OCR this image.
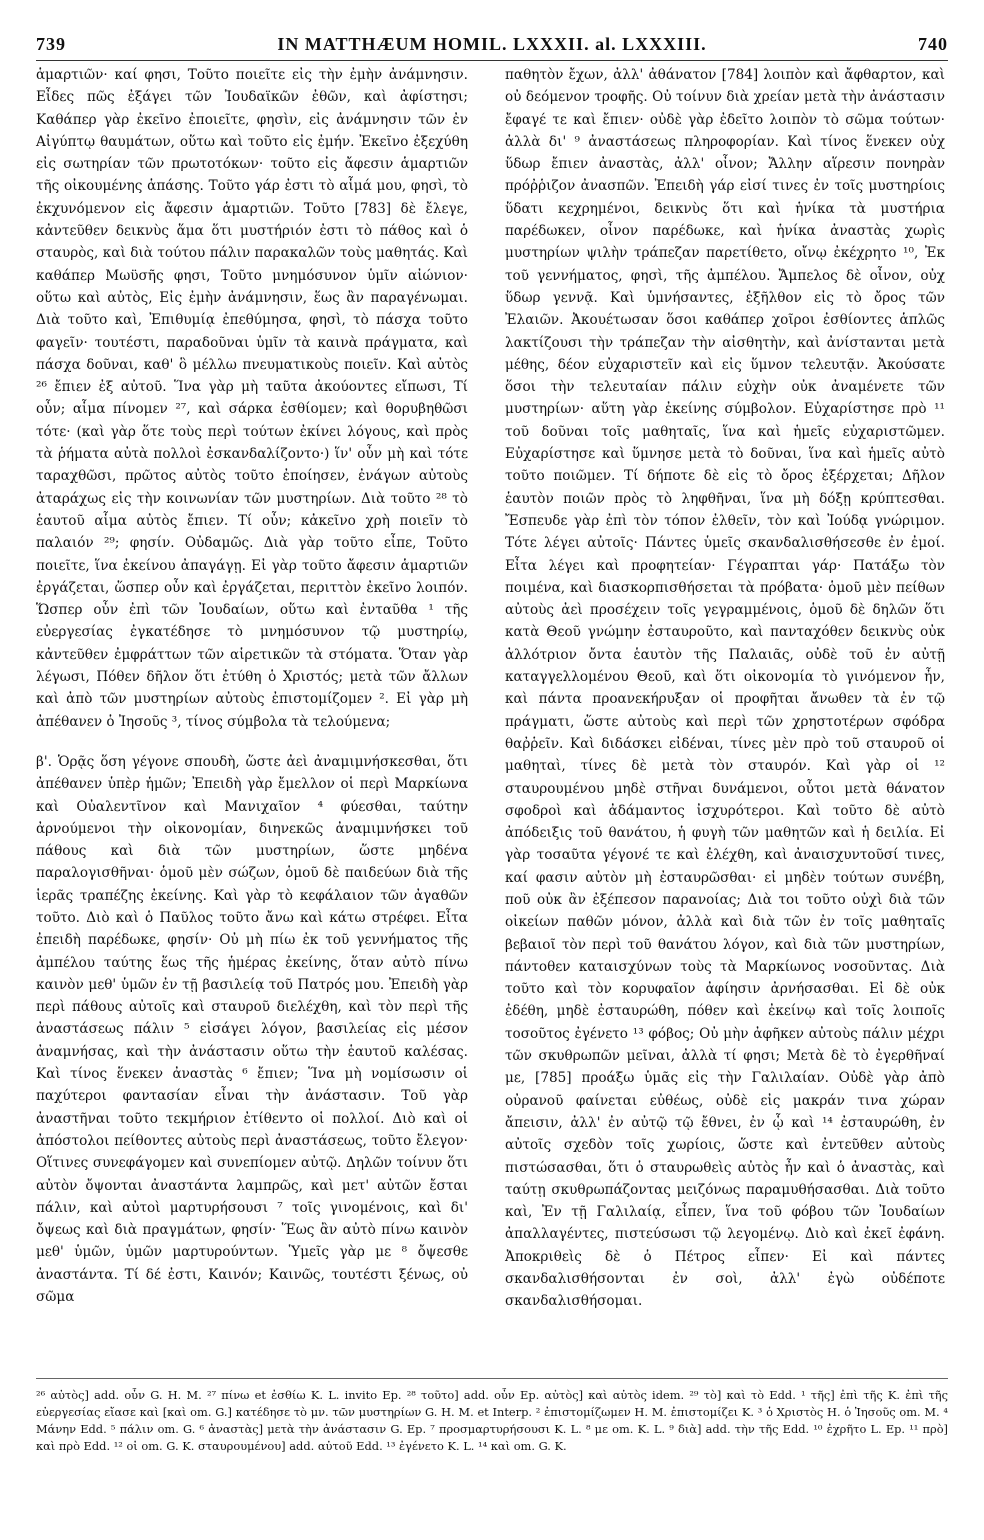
739	IN MATTHÆUM HOMIL. LXXXII. al. LXXXIII.	740

ἁμαρτιῶν· καί φησι, Τοῦτο ποιεῖτε εἰς τὴν ἐμὴν ἀνάμνησιν. Εἶδες πῶς ἐξάγει τῶν Ἰουδαϊκῶν ἐθῶν, καὶ ἀφίστησι; Καθάπερ γὰρ ἐκεῖνο ἐποιεῖτε, φησὶν, εἰς ἀνάμνησιν τῶν ἐν Αἰγύπτῳ θαυμάτων, οὕτω καὶ τοῦτο εἰς ἐμήν. Ἐκεῖνο ἐξεχύθη εἰς σωτηρίαν τῶν πρωτοτόκων· τοῦτο εἰς ἄφεσιν ἁμαρτιῶν τῆς οἰκουμένης ἁπάσης. Τοῦτο γάρ ἐστι τὸ αἷμά μου, φησὶ, τὸ ἐκχυνόμενον εἰς ἄφεσιν ἁμαρτιῶν. Τοῦτο [783] δὲ ἔλεγε, κἀντεῦθεν δεικνὺς ἅμα ὅτι μυστήριόν ἐστι τὸ πάθος καὶ ὁ σταυρὸς, καὶ διὰ τούτου πάλιν παρακαλῶν τοὺς μαθητάς. Καὶ καθάπερ Μωϋσῆς φησι, Τοῦτο μνημόσυνον ὑμῖν αἰώνιον· οὕτω καὶ αὐτὸς, Εἰς ἐμὴν ἀνάμνησιν, ἕως ἂν παραγένωμαι. Διὰ τοῦτο καὶ, Ἐπιθυμίᾳ ἐπεθύμησα, φησὶ, τὸ πάσχα τοῦτο φαγεῖν· τουτέστι, παραδοῦναι ὑμῖν τὰ καινὰ πράγματα, καὶ πάσχα δοῦναι, καθ' ὃ μέλλω πνευματικοὺς ποιεῖν. Καὶ αὐτὸς ²⁶ ἔπιεν ἐξ αὐτοῦ. Ἵνα γὰρ μὴ ταῦτα ἀκούοντες εἴπωσι, Τί οὖν; αἷμα πίνομεν ²⁷, καὶ σάρκα ἐσθίομεν; καὶ θορυβηθῶσι τότε· (καὶ γὰρ ὅτε τοὺς περὶ τούτων ἐκίνει λόγους, καὶ πρὸς τὰ ῥήματα αὐτὰ πολλοὶ ἐσκανδαλίζοντο·) ἵν' οὖν μὴ καὶ τότε ταραχθῶσι, πρῶτος αὐτὸς τοῦτο ἐποίησεν, ἐνάγων αὐτοὺς ἀταράχως εἰς τὴν κοινωνίαν τῶν μυστηρίων. Διὰ τοῦτο ²⁸ τὸ ἑαυτοῦ αἷμα αὐτὸς ἔπιεν. Τί οὖν; κἀκεῖνο χρὴ ποιεῖν τὸ παλαιόν ²⁹; φησίν. Οὐδαμῶς. Διὰ γὰρ τοῦτο εἶπε, Τοῦτο ποιεῖτε, ἵνα ἐκείνου ἀπαγάγῃ. Εἰ γὰρ τοῦτο ἄφεσιν ἁμαρτιῶν ἐργάζεται, ὥσπερ οὖν καὶ ἐργάζεται, περιττὸν ἐκεῖνο λοιπόν. Ὥσπερ οὖν ἐπὶ τῶν Ἰουδαίων, οὕτω καὶ ἐνταῦθα ¹ τῆς εὐεργεσίας ἐγκατέδησε τὸ μνημόσυνον τῷ μυστηρίῳ, κἀντεῦθεν ἐμφράττων τῶν αἱρετικῶν τὰ στόματα. Ὅταν γὰρ λέγωσι, Πόθεν δῆλον ὅτι ἐτύθη ὁ Χριστός; μετὰ τῶν ἄλλων καὶ ἀπὸ τῶν μυστηρίων αὐτοὺς ἐπιστομίζομεν ². Εἰ γὰρ μὴ ἀπέθανεν ὁ Ἰησοῦς ³, τίνος σύμβολα τὰ τελούμενα;

β'. Ὁρᾷς ὅση γέγονε σπουδὴ, ὥστε ἀεὶ ἀναμιμνήσκεσθαι, ὅτι ἀπέθανεν ὑπὲρ ἡμῶν; Ἐπειδὴ γὰρ ἔμελλον οἱ περὶ Μαρκίωνα καὶ Οὐαλεντῖνον καὶ Μανιχαῖον ⁴ φύεσθαι, ταύτην ἀρνούμενοι τὴν οἰκονομίαν, διηνεκῶς ἀναμιμνήσκει τοῦ πάθους καὶ διὰ τῶν μυστηρίων, ὥστε μηδένα παραλογισθῆναι· ὁμοῦ μὲν σώζων, ὁμοῦ δὲ παιδεύων διὰ τῆς ἱερᾶς τραπέζης ἐκείνης. Καὶ γὰρ τὸ κεφάλαιον τῶν ἀγαθῶν τοῦτο. Διὸ καὶ ὁ Παῦλος τοῦτο ἄνω καὶ κάτω στρέφει. Εἶτα ἐπειδὴ παρέδωκε, φησίν· Οὐ μὴ πίω ἐκ τοῦ γεννήματος τῆς ἀμπέλου ταύτης ἕως τῆς ἡμέρας ἐκείνης, ὅταν αὐτὸ πίνω καινὸν μεθ' ὑμῶν ἐν τῇ βασιλείᾳ τοῦ Πατρός μου. Ἐπειδὴ γὰρ περὶ πάθους αὐτοῖς καὶ σταυροῦ διελέχθη, καὶ τὸν περὶ τῆς ἀναστάσεως πάλιν ⁵ εἰσάγει λόγον, βασιλείας εἰς μέσον ἀναμνήσας, καὶ τὴν ἀνάστασιν οὕτω τὴν ἑαυτοῦ καλέσας. Καὶ τίνος ἕνεκεν ἀναστὰς ⁶ ἔπιεν; Ἵνα μὴ νομίσωσιν οἱ παχύτεροι φαντασίαν εἶναι τὴν ἀνάστασιν. Τοῦ γὰρ ἀναστῆναι τοῦτο τεκμήριον ἐτίθεντο οἱ πολλοί. Διὸ καὶ οἱ ἀπόστολοι πείθοντες αὐτοὺς περὶ ἀναστάσεως, τοῦτο ἔλεγον· Οἵτινες συνεφάγομεν καὶ συνεπίομεν αὐτῷ. Δηλῶν τοίνυν ὅτι αὐτὸν ὄψονται ἀναστάντα λαμπρῶς, καὶ μετ' αὐτῶν ἔσται πάλιν, καὶ αὐτοὶ μαρτυρήσουσι ⁷ τοῖς γινομένοις, καὶ δι' ὄψεως καὶ διὰ πραγμάτων, φησίν· Ἕως ἂν αὐτὸ πίνω καινὸν μεθ' ὑμῶν, ὑμῶν μαρτυρούντων. Ὑμεῖς γὰρ με ⁸ ὄψεσθε ἀναστάντα. Τί δέ ἐστι, Καινόν; Καινῶς, τουτέστι ξένως, οὐ σῶμα

παθητὸν ἔχων, ἀλλ' ἀθάνατον [784] λοιπὸν καὶ ἄφθαρτον, καὶ οὐ δεόμενον τροφῆς. Οὐ τοίνυν διὰ χρείαν μετὰ τὴν ἀνάστασιν ἔφαγέ τε καὶ ἔπιεν· οὐδὲ γὰρ ἐδεῖτο λοιπὸν τὸ σῶμα τούτων· ἀλλὰ δι' ⁹ ἀναστάσεως πληροφορίαν. Καὶ τίνος ἕνεκεν οὐχ ὕδωρ ἔπιεν ἀναστὰς, ἀλλ' οἶνον; Ἄλλην αἵρεσιν πονηρὰν πρόῤῥιζον ἀνασπῶν. Ἐπειδὴ γάρ εἰσί τινες ἐν τοῖς μυστηρίοις ὕδατι κεχρημένοι, δεικνὺς ὅτι καὶ ἡνίκα τὰ μυστήρια παρέδωκεν, οἶνον παρέδωκε, καὶ ἡνίκα ἀναστὰς χωρὶς μυστηρίων ψιλὴν τράπεζαν παρετίθετο, οἴνῳ ἐκέχρητο ¹⁰, Ἐκ τοῦ γεννήματος, φησὶ, τῆς ἀμπέλου. Ἄμπελος δὲ οἶνον, οὐχ ὕδωρ γεννᾷ. Καὶ ὑμνήσαντες, ἐξῆλθον εἰς τὸ ὄρος τῶν Ἐλαιῶν. Ἀκουέτωσαν ὅσοι καθάπερ χοῖροι ἐσθίοντες ἁπλῶς λακτίζουσι τὴν τράπεζαν τὴν αἰσθητὴν, καὶ ἀνίστανται μετὰ μέθης, δέον εὐχαριστεῖν καὶ εἰς ὕμνον τελευτᾷν. Ἀκούσατε ὅσοι τὴν τελευταίαν πάλιν εὐχὴν οὐκ ἀναμένετε τῶν μυστηρίων· αὕτη γὰρ ἐκείνης σύμβολον. Εὐχαρίστησε πρὸ ¹¹ τοῦ δοῦναι τοῖς μαθηταῖς, ἵνα καὶ ἡμεῖς εὐχαριστῶμεν. Εὐχαρίστησε καὶ ὕμνησε μετὰ τὸ δοῦναι, ἵνα καὶ ἡμεῖς αὐτὸ τοῦτο ποιῶμεν. Τί δήποτε δὲ εἰς τὸ ὄρος ἐξέρχεται; Δῆλον ἑαυτὸν ποιῶν πρὸς τὸ ληφθῆναι, ἵνα μὴ δόξῃ κρύπτεσθαι. Ἔσπευδε γὰρ ἐπὶ τὸν τόπον ἐλθεῖν, τὸν καὶ Ἰούδᾳ γνώριμον. Τότε λέγει αὐτοῖς· Πάντες ὑμεῖς σκανδαλισθήσεσθε ἐν ἐμοί. Εἶτα λέγει καὶ προφητείαν· Γέγραπται γάρ· Πατάξω τὸν ποιμένα, καὶ διασκορπισθήσεται τὰ πρόβατα· ὁμοῦ μὲν πείθων αὐτοὺς ἀεὶ προσέχειν τοῖς γεγραμμένοις, ὁμοῦ δὲ δηλῶν ὅτι κατὰ Θεοῦ γνώμην ἐσταυροῦτο, καὶ πανταχόθεν δεικνὺς οὐκ ἀλλότριον ὄντα ἑαυτὸν τῆς Παλαιᾶς, οὐδὲ τοῦ ἐν αὐτῇ καταγγελλομένου Θεοῦ, καὶ ὅτι οἰκονομία τὸ γινόμενον ἦν, καὶ πάντα προανεκήρυξαν οἱ προφῆται ἄνωθεν τὰ ἐν τῷ πράγματι, ὥστε αὐτοὺς καὶ περὶ τῶν χρηστοτέρων σφόδρα θαῤῥεῖν. Καὶ διδάσκει εἰδέναι, τίνες μὲν πρὸ τοῦ σταυροῦ οἱ μαθηταὶ, τίνες δὲ μετὰ τὸν σταυρόν. Καὶ γὰρ οἱ ¹² σταυρουμένου μηδὲ στῆναι δυνάμενοι, οὗτοι μετὰ θάνατον σφοδροὶ καὶ ἀδάμαντος ἰσχυρότεροι. Καὶ τοῦτο δὲ αὐτὸ ἀπόδειξις τοῦ θανάτου, ἡ φυγὴ τῶν μαθητῶν καὶ ἡ δειλία. Εἰ γὰρ τοσαῦτα γέγονέ τε καὶ ἐλέχθη, καὶ ἀναισχυντοῦσί τινες, καί φασιν αὐτὸν μὴ ἐσταυρῶσθαι· εἰ μηδὲν τούτων συνέβη, ποῦ οὐκ ἂν ἐξέπεσον παρανοίας; Διὰ τοι τοῦτο οὐχὶ διὰ τῶν οἰκείων παθῶν μόνον, ἀλλὰ καὶ διὰ τῶν ἐν τοῖς μαθηταῖς βεβαιοῖ τὸν περὶ τοῦ θανάτου λόγον, καὶ διὰ τῶν μυστηρίων, πάντοθεν καταισχύνων τοὺς τὰ Μαρκίωνος νοσοῦντας. Διὰ τοῦτο καὶ τὸν κορυφαῖον ἀφίησιν ἀρνήσασθαι. Εἰ δὲ οὐκ ἐδέθη, μηδὲ ἐσταυρώθη, πόθεν καὶ ἐκείνῳ καὶ τοῖς λοιποῖς τοσοῦτος ἐγένετο ¹³ φόβος; Οὐ μὴν ἀφῆκεν αὐτοὺς πάλιν μέχρι τῶν σκυθρωπῶν μεῖναι, ἀλλὰ τί φησι; Μετὰ δὲ τὸ ἐγερθῆναί με, [785] προάξω ὑμᾶς εἰς τὴν Γαλιλαίαν. Οὐδὲ γὰρ ἀπὸ οὐρανοῦ φαίνεται εὐθέως, οὐδὲ εἰς μακράν τινα χώραν ἄπεισιν, ἀλλ' ἐν αὐτῷ τῷ ἔθνει, ἐν ᾧ καὶ ¹⁴ ἐσταυρώθη, ἐν αὐτοῖς σχεδὸν τοῖς χωρίοις, ὥστε καὶ ἐντεῦθεν αὐτοὺς πιστώσασθαι, ὅτι ὁ σταυρωθεὶς αὐτὸς ἦν καὶ ὁ ἀναστὰς, καὶ ταύτῃ σκυθρωπάζοντας μειζόνως παραμυθήσασθαι. Διὰ τοῦτο καὶ, Ἐν τῇ Γαλιλαίᾳ, εἶπεν, ἵνα τοῦ φόβου τῶν Ἰουδαίων ἀπαλλαγέντες, πιστεύσωσι τῷ λεγομένῳ. Διὸ καὶ ἐκεῖ ἐφάνη. Ἀποκριθεὶς δὲ ὁ Πέτρος εἶπεν· Εἰ καὶ πάντες σκανδαλισθήσονται ἐν σοὶ, ἀλλ' ἐγὼ οὐδέποτε σκανδαλισθήσομαι.

²⁶ αὐτὸς] add. οὖν G. H. M. ²⁷ πίνω et ἐσθίω K. L. invito Ep. ²⁸ τοῦτο] add. οὖν Ep. αὐτὸς] καὶ αὐτὸς idem. ²⁹ τὸ] καὶ τὸ Edd. ¹ τῆς] ἐπὶ τῆς K. ἐπὶ τῆς εὐεργεσίας εἴασε καὶ [καὶ om. G.] κατέδησε τὸ μν. τῶν μυστηρίων G. H. M. et Interp. ² ἐπιστομίζωμεν H. M. ἐπιστομίζει K. ³ ὁ Χριστὸς H. ὁ Ἰησοῦς om. M. ⁴ Μάνην Edd. ⁵ πάλιν om. G. ⁶ ἀναστὰς] μετὰ τὴν ἀνάστασιν G. Ep. ⁷ προσμαρτυρήσουσι K. L. ⁸ με om. K. L. ⁹ διὰ] add. τὴν τῆς Edd. ¹⁰ ἐχρῆτο L. Ep. ¹¹ πρὸ] καὶ πρὸ Edd. ¹² οἱ om. G. K. σταυρουμένου] add. αὐτοῦ Edd. ¹³ ἐγένετο K. L. ¹⁴ καὶ om. G. K.
